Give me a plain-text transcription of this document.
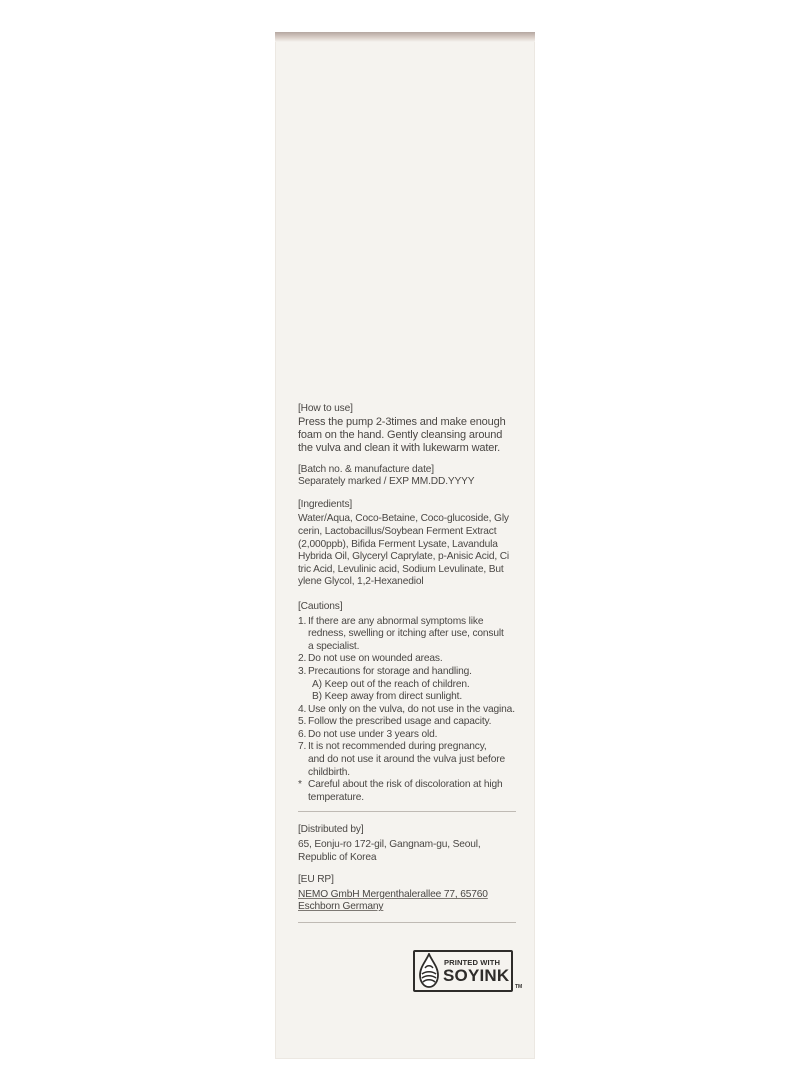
[How to use]

Press the pump 2-3times and make enough
foam on the hand. Gently cleansing around
the vulva and clean it with lukewarm water.

[Batch no. & manufacture date]

Separately marked / EXP MM.DD.YYYY

[Ingredients]

Water/Aqua, Coco-Betaine, Coco-glucoside, Gly
cerin, Lactobacillus/Soybean Ferment Extract
(2,000ppb), Bifida Ferment Lysate, Lavandula
Hybrida Oil, Glyceryl Caprylate, p-Anisic Acid, Ci
tric Acid, Levulinic acid, Sodium Levulinate, But
ylene Glycol, 1,2-Hexanediol

[Cautions]

1. If there are any abnormal symptoms like
redness, swelling or itching after use, consult
a specialist.
2. Do not use on wounded areas.
3. Precautions for storage and handling.
A) Keep out of the reach of children.
B) Keep away from direct sunlight.
4. Use only on the vulva, do not use in the vagina.
5. Follow the prescribed usage and capacity.
6. Do not use under 3 years old.
7. It is not recommended during pregnancy,
and do not use it around the vulva just before
childbirth.
* Careful about the risk of discoloration at high
temperature.

[Distributed by]

65, Eonju-ro 172-gil, Gangnam-gu, Seoul,
Republic of Korea

[EU RP]

NEMO GmbH Mergenthalerallee 77, 65760
Eschborn Germany
PRINTED WITH
SOYINK
TM
